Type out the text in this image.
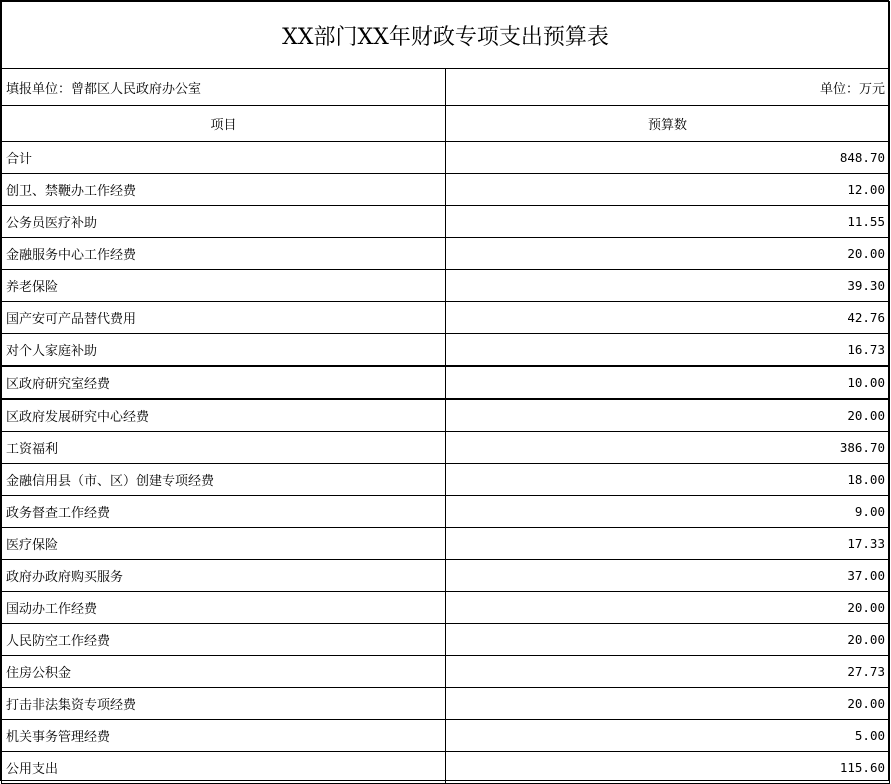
XX部门XX年财政专项支出预算表	
填报单位：曾都区人民政府办公室	单位：万元
项目	预算数
合计	848.70
创卫、禁鞭办工作经费	12.00
公务员医疗补助	11.55
金融服务中心工作经费	20.00
养老保险	39.30
国产安可产品替代费用	42.76
对个人家庭补助	16.73
区政府研究室经费	10.00
区政府发展研究中心经费	20.00
工资福利	386.70
金融信用县（市、区）创建专项经费	18.00
政务督查工作经费	9.00
医疗保险	17.33
政府办政府购买服务	37.00
国动办工作经费	20.00
人民防空工作经费	20.00
住房公积金	27.73
打击非法集资专项经费	20.00
机关事务管理经费	5.00
公用支出	115.60
